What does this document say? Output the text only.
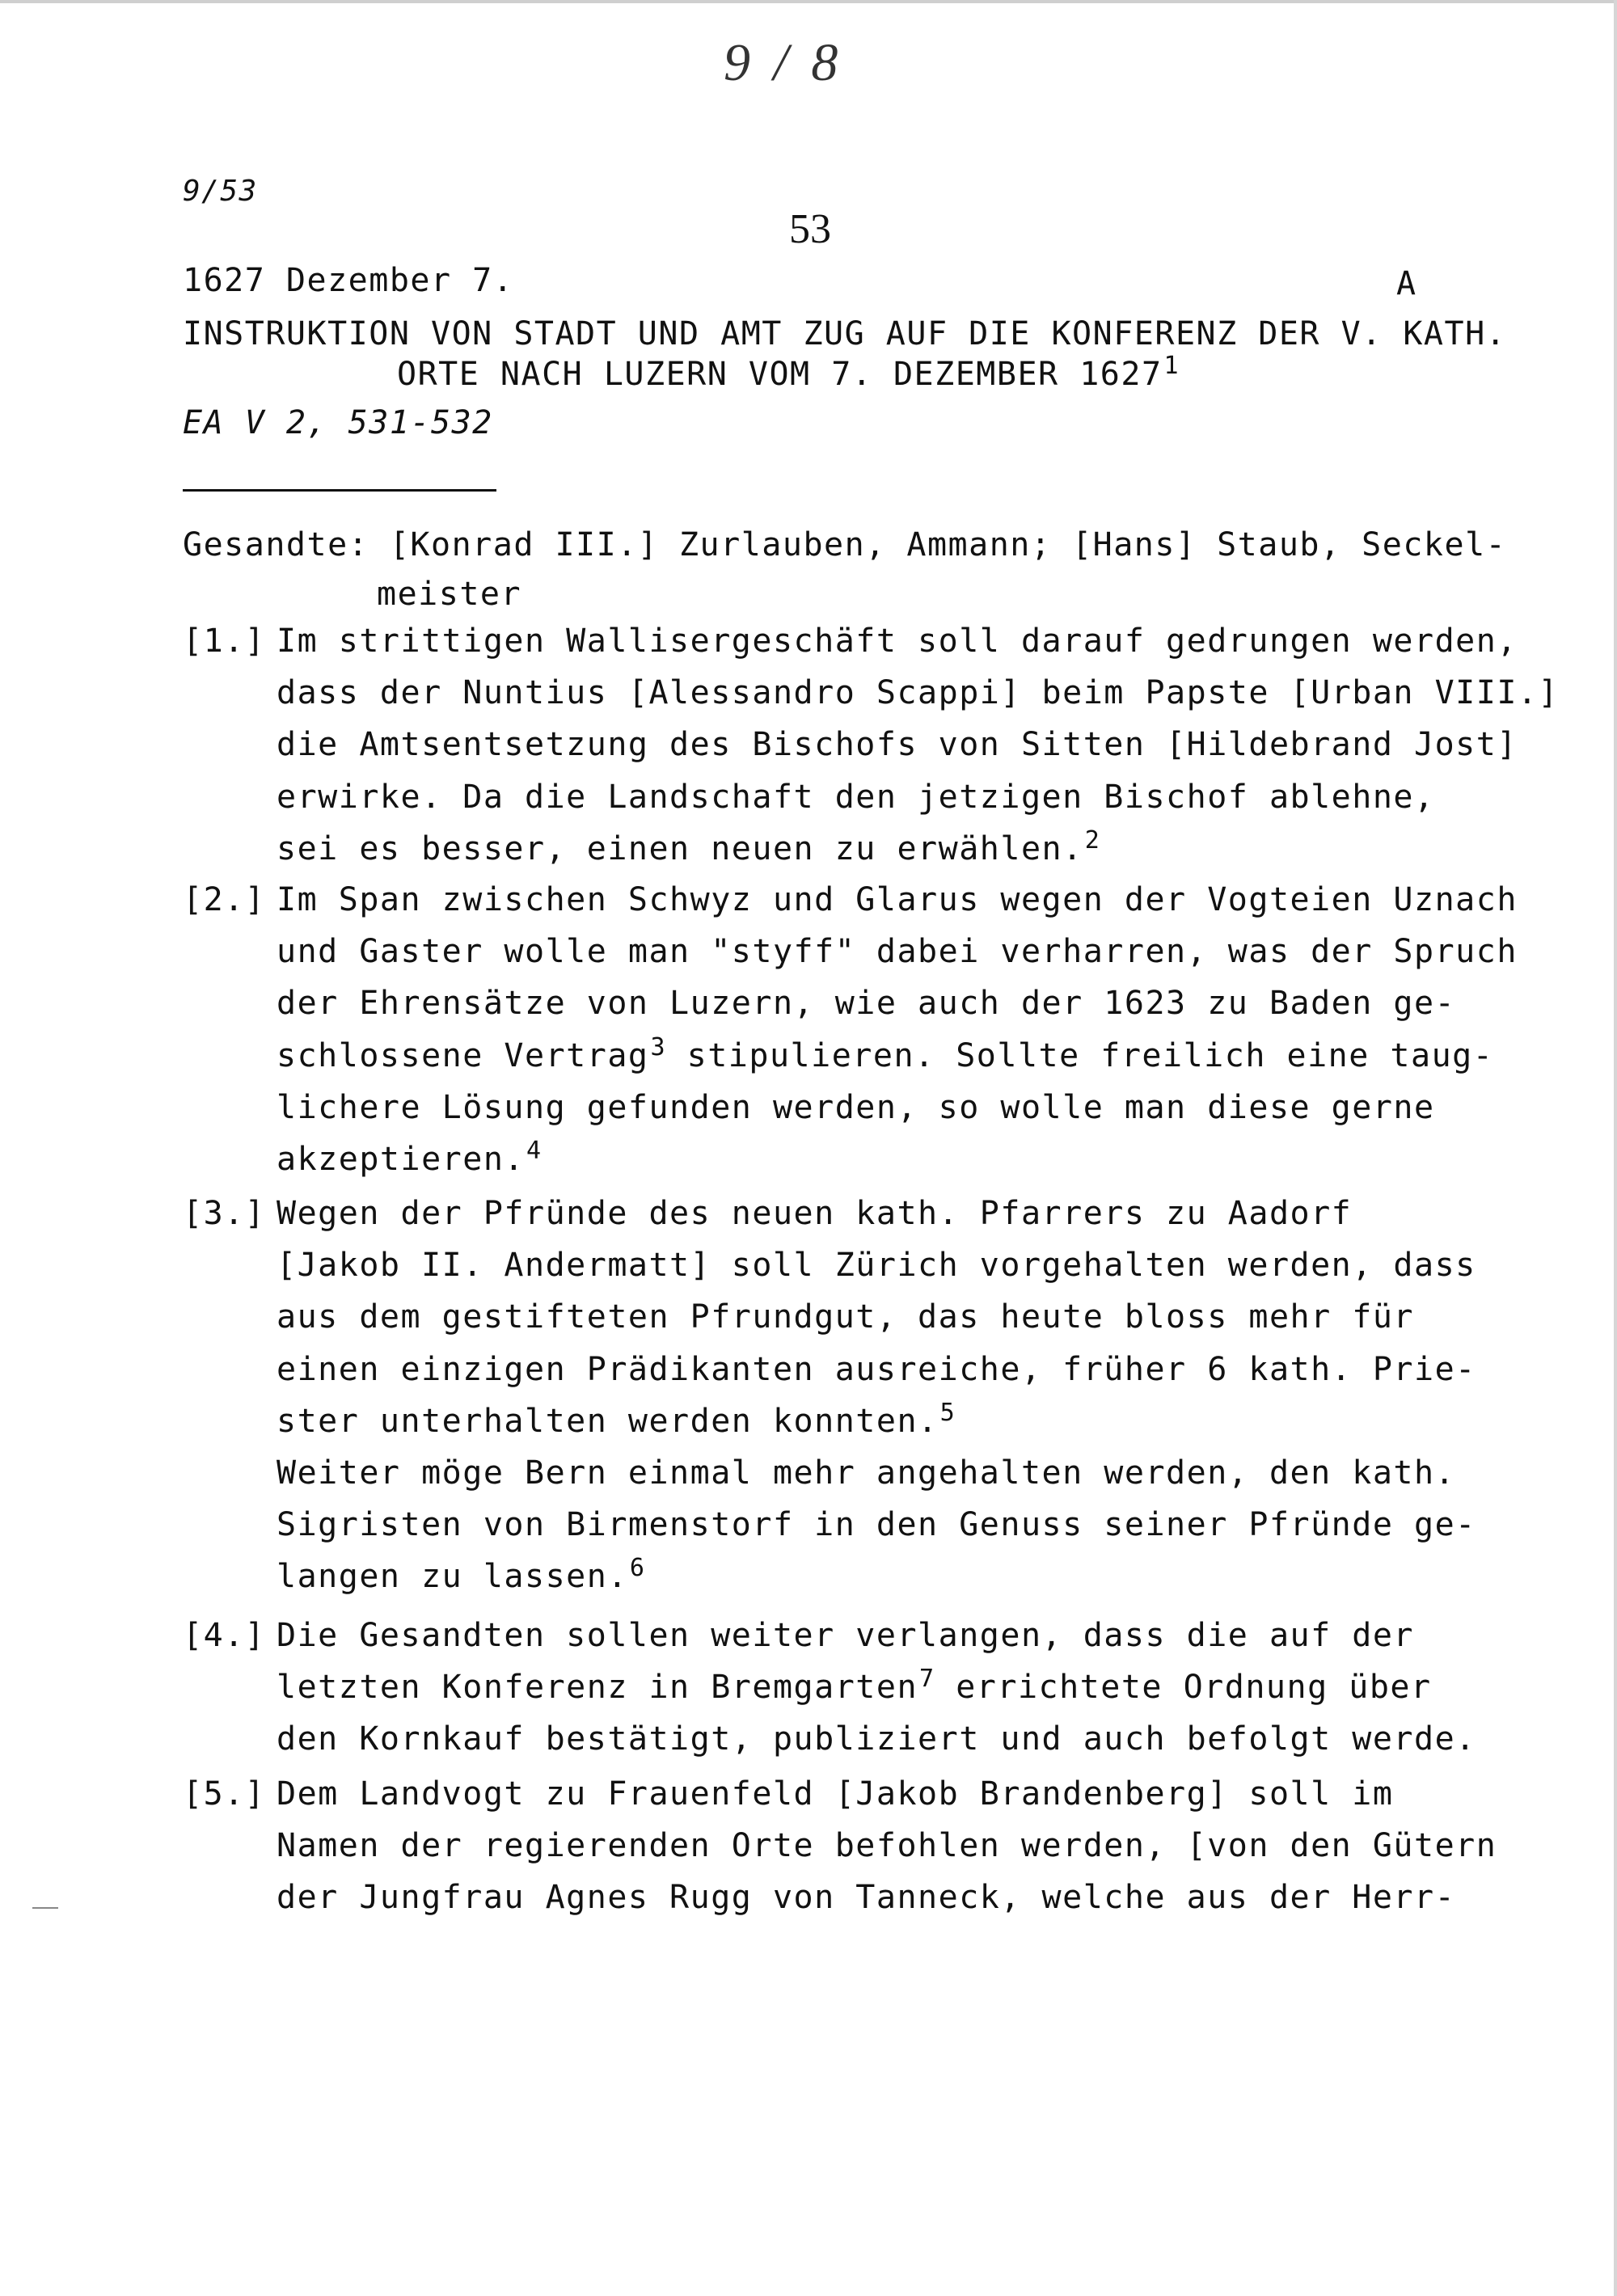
9 / 8
9/53
53
1627 Dezember 7.	A
INSTRUKTION VON STADT UND AMT ZUG AUF DIE KONFERENZ DER V. KATH.
ORTE NACH LUZERN VOM 7. DEZEMBER 1627$^1$
EA V 2, 531-532
Gesandte: [Konrad III.] Zurlauben, Ammann; [Hans] Staub, Seckel-
meister
[1.] Im strittigen Wallisergeschäft soll darauf gedrungen werden,
dass der Nuntius [Alessandro Scappi] beim Papste [Urban VIII.]
die Amtsentsetzung des Bischofs von Sitten [Hildebrand Jost]
erwirke. Da die Landschaft den jetzigen Bischof ablehne,
sei es besser, einen neuen zu erwählen.$^2$
[2.] Im Span zwischen Schwyz und Glarus wegen der Vogteien Uznach
und Gaster wolle man "styff" dabei verharren, was der Spruch
der Ehrensätze von Luzern, wie auch der 1623 zu Baden ge-
schlossene Vertrag$^3$ stipulieren. Sollte freilich eine taug-
lichere Lösung gefunden werden, so wolle man diese gerne
akzeptieren.$^4$
[3.] Wegen der Pfründe des neuen kath. Pfarrers zu Aadorf
[Jakob II. Andermatt] soll Zürich vorgehalten werden, dass
aus dem gestifteten Pfrundgut, das heute bloss mehr für
einen einzigen Prädikanten ausreiche, früher 6 kath. Prie-
ster unterhalten werden konnten.$^5$
Weiter möge Bern einmal mehr angehalten werden, den kath.
Sigristen von Birmenstorf in den Genuss seiner Pfründe ge-
langen zu lassen.$^6$
[4.] Die Gesandten sollen weiter verlangen, dass die auf der
letzten Konferenz in Bremgarten$^7$ errichtete Ordnung über
den Kornkauf bestätigt, publiziert und auch befolgt werde.
[5.] Dem Landvogt zu Frauenfeld [Jakob Brandenberg] soll im
Namen der regierenden Orte befohlen werden, [von den Gütern
der Jungfrau Agnes Rugg von Tanneck, welche aus der Herr-
